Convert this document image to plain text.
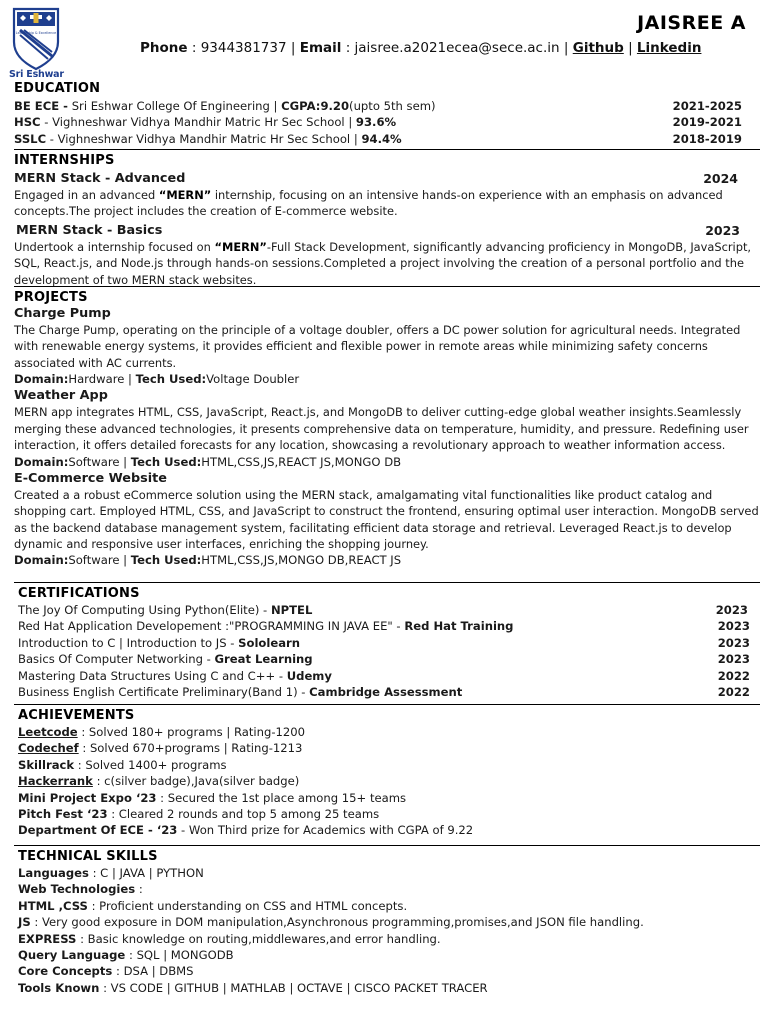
Leadership & Excellence
Sri Eshwar
JAISREE A
Phone : 9344381737 | Email : jaisree.a2021ecea@sece.ac.in | Github | Linkedin
EDUCATION
BE ECE - Sri Eshwar College Of Engineering | CGPA:9.20(upto 5th sem)	2021-2025
HSC - Vighneshwar Vidhya Mandhir Matric Hr Sec School | 93.6%	2019-2021
SSLC - Vighneshwar Vidhya Mandhir Matric Hr Sec School | 94.4%	2018-2019
INTERNSHIPS
MERN Stack - Advanced	2024
Engaged in an advanced “MERN” internship, focusing on an intensive hands-on experience with an emphasis on advanced concepts.The project includes the creation of E-commerce website.
MERN Stack - Basics	2023
Undertook a internship focused on “MERN”-Full Stack Development, significantly advancing proficiency in MongoDB, JavaScript, SQL, React.js, and Node.js through hands-on sessions.Completed a project involving the creation of a personal portfolio and the development of two MERN stack websites.
PROJECTS
Charge Pump
The Charge Pump, operating on the principle of a voltage doubler, offers a DC power solution for agricultural needs. Integrated with renewable energy systems, it provides efficient and flexible power in remote areas while minimizing safety concerns associated with AC currents.
Domain:Hardware | Tech Used:Voltage Doubler
Weather App
MERN app integrates HTML, CSS, JavaScript, React.js, and MongoDB to deliver cutting-edge global weather insights.Seamlessly merging these advanced technologies, it presents comprehensive data on temperature, humidity, and pressure. Redefining user interaction, it offers detailed forecasts for any location, showcasing a revolutionary approach to weather information access.
Domain:Software | Tech Used:HTML,CSS,JS,REACT JS,MONGO DB
E-Commerce Website
Created a a robust eCommerce solution using the MERN stack, amalgamating vital functionalities like product catalog and shopping cart. Employed HTML, CSS, and JavaScript to construct the frontend, ensuring optimal user interaction. MongoDB served as the backend database management system, facilitating efficient data storage and retrieval. Leveraged React.js to develop dynamic and responsive user interfaces, enriching the shopping journey.
Domain:Software | Tech Used:HTML,CSS,JS,MONGO DB,REACT JS
CERTIFICATIONS
The Joy Of Computing Using Python(Elite) - NPTEL	2023
Red Hat Application Developement :"PROGRAMMING IN JAVA EE" - Red Hat Training	2023
Introduction to C | Introduction to JS - Sololearn	2023
Basics Of Computer Networking - Great Learning	2023
Mastering Data Structures Using C and C++ - Udemy	2022
Business English Certificate Preliminary(Band 1) - Cambridge Assessment	2022
ACHIEVEMENTS
Leetcode : Solved 180+ programs | Rating-1200
Codechef : Solved 670+programs | Rating-1213
Skillrack : Solved 1400+ programs
Hackerrank : c(silver badge),Java(silver badge)
Mini Project Expo ‘23 : Secured the 1st place among 15+ teams
Pitch Fest ‘23 : Cleared 2 rounds and top 5 among 25 teams
Department Of ECE - ‘23 - Won Third prize for Academics with CGPA of 9.22
TECHNICAL SKILLS
Languages : C | JAVA | PYTHON
Web Technologies :
HTML ,CSS : Proficient understanding on CSS and HTML concepts.
JS : Very good exposure in DOM manipulation,Asynchronous programming,promises,and JSON file handling.
EXPRESS : Basic knowledge on routing,middlewares,and error handling.
Query Language : SQL | MONGODB
Core Concepts : DSA | DBMS
Tools Known : VS CODE | GITHUB | MATHLAB | OCTAVE | CISCO PACKET TRACER
